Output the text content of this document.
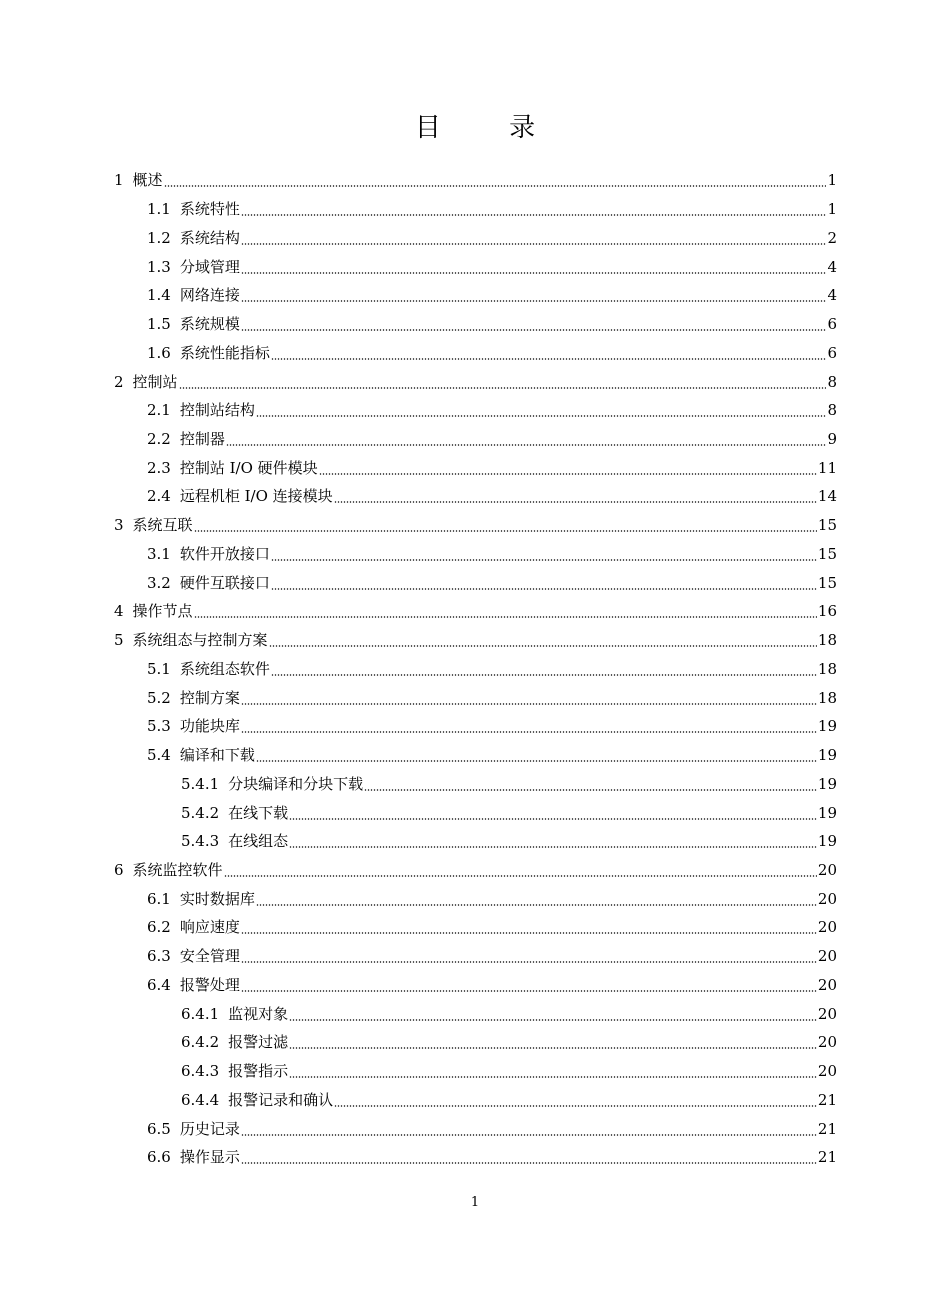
目 录
1 概述	1
1.1 系统特性	1
1.2 系统结构	2
1.3 分域管理	4
1.4 网络连接	4
1.5 系统规模	6
1.6 系统性能指标	6
2 控制站	8
2.1 控制站结构	8
2.2 控制器	9
2.3 控制站 I/O 硬件模块	11
2.4 远程机柜 I/O 连接模块	14
3 系统互联	15
3.1 软件开放接口	15
3.2 硬件互联接口	15
4 操作节点	16
5 系统组态与控制方案	18
5.1 系统组态软件	18
5.2 控制方案	18
5.3 功能块库	19
5.4 编译和下载	19
5.4.1 分块编译和分块下载	19
5.4.2 在线下载	19
5.4.3 在线组态	19
6 系统监控软件	20
6.1 实时数据库	20
6.2 响应速度	20
6.3 安全管理	20
6.4 报警处理	20
6.4.1 监视对象	20
6.4.2 报警过滤	20
6.4.3 报警指示	20
6.4.4 报警记录和确认	21
6.5 历史记录	21
6.6 操作显示	21
1
